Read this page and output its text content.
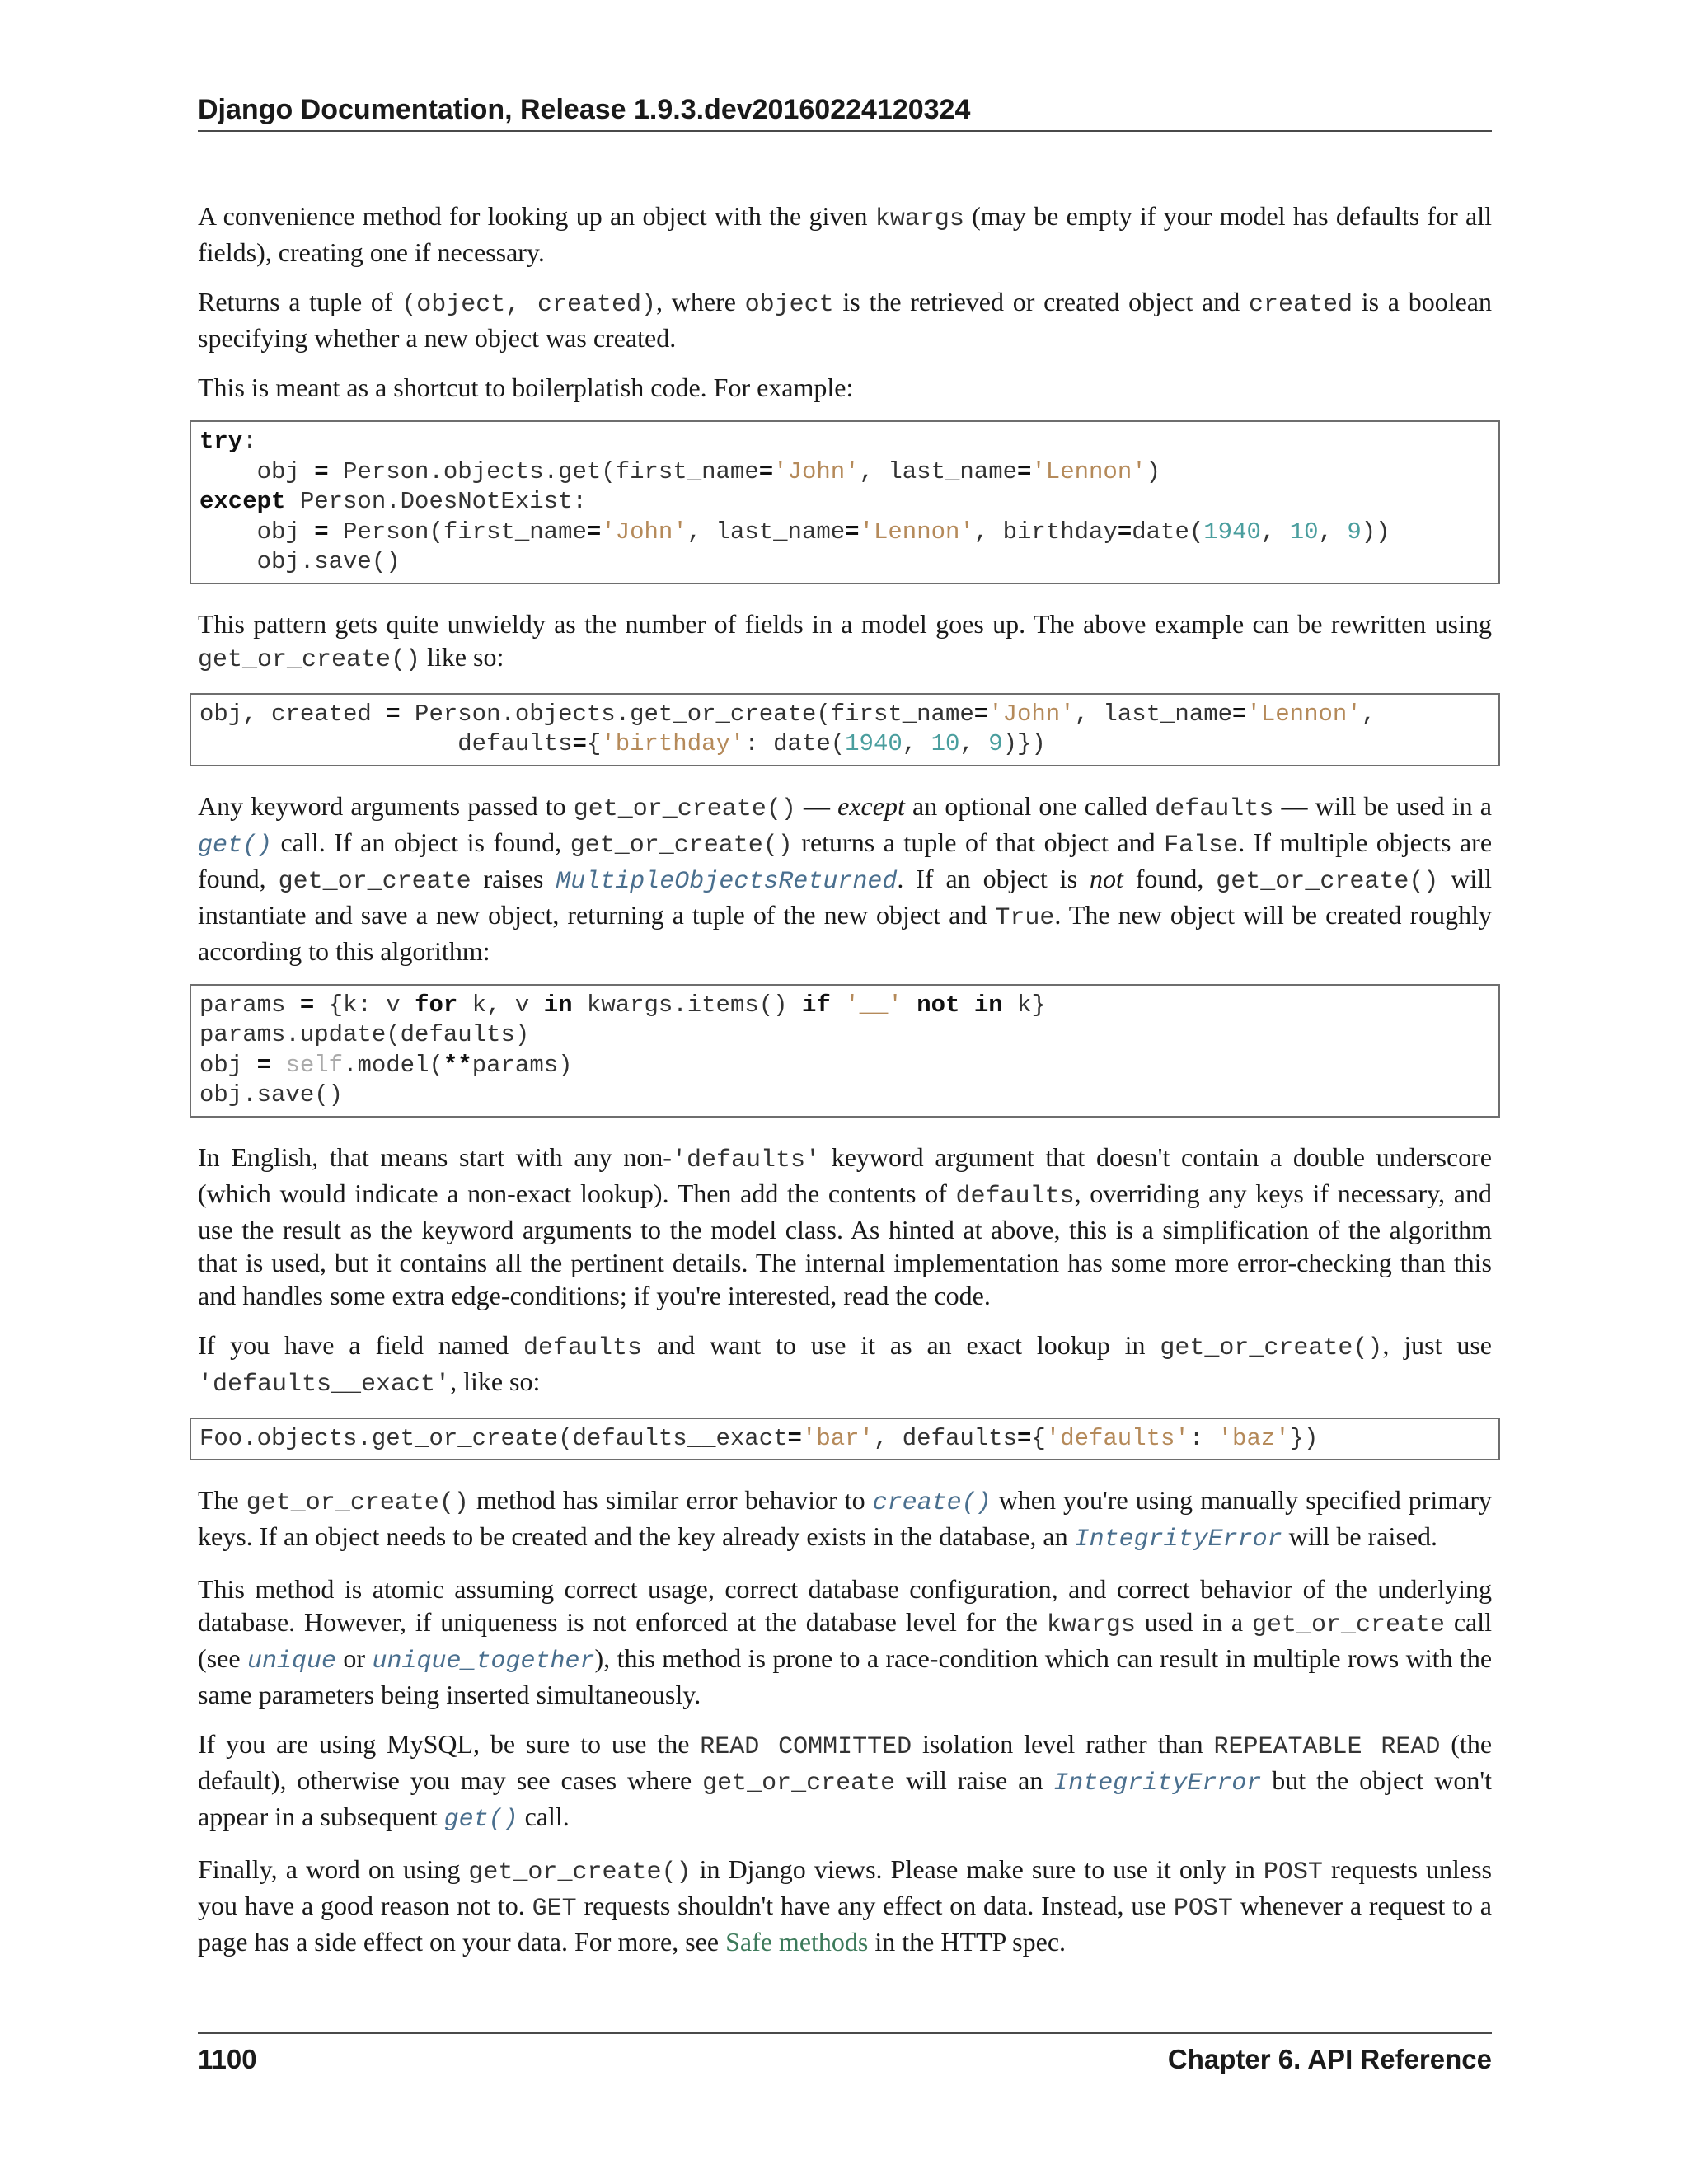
Django Documentation, Release 1.9.3.dev20160224120324

A convenience method for looking up an object with the given kwargs (may be empty if your model has defaults for all fields), creating one if necessary.

Returns a tuple of (object, created), where object is the retrieved or created object and created is a boolean specifying whether a new object was created.

This is meant as a shortcut to boilerplatish code. For example:

try:
obj = Person.objects.get(first_name='John', last_name='Lennon')
except Person.DoesNotExist:
obj = Person(first_name='John', last_name='Lennon', birthday=date(1940, 10, 9))
obj.save()

This pattern gets quite unwieldy as the number of fields in a model goes up. The above example can be rewritten using get_or_create() like so:

obj, created = Person.objects.get_or_create(first_name='John', last_name='Lennon',
defaults={'birthday': date(1940, 10, 9)})

Any keyword arguments passed to get_or_create() — except an optional one called defaults — will be used in a get() call. If an object is found, get_or_create() returns a tuple of that object and False. If multiple objects are found, get_or_create raises MultipleObjectsReturned. If an object is not found, get_or_create() will instantiate and save a new object, returning a tuple of the new object and True. The new object will be created roughly according to this algorithm:

params = {k: v for k, v in kwargs.items() if '__' not in k}
params.update(defaults)
obj = self.model(**params)
obj.save()

In English, that means start with any non-'defaults' keyword argument that doesn't contain a double underscore (which would indicate a non-exact lookup). Then add the contents of defaults, overriding any keys if necessary, and use the result as the keyword arguments to the model class. As hinted at above, this is a simplification of the algorithm that is used, but it contains all the pertinent details. The internal implementation has some more error-checking than this and handles some extra edge-conditions; if you're interested, read the code.

If you have a field named defaults and want to use it as an exact lookup in get_or_create(), just use 'defaults__exact', like so:

Foo.objects.get_or_create(defaults__exact='bar', defaults={'defaults': 'baz'})

The get_or_create() method has similar error behavior to create() when you're using manually specified primary keys. If an object needs to be created and the key already exists in the database, an IntegrityError will be raised.

This method is atomic assuming correct usage, correct database configuration, and correct behavior of the underlying database. However, if uniqueness is not enforced at the database level for the kwargs used in a get_or_create call (see unique or unique_together), this method is prone to a race-condition which can result in multiple rows with the same parameters being inserted simultaneously.

If you are using MySQL, be sure to use the READ COMMITTED isolation level rather than REPEATABLE READ (the default), otherwise you may see cases where get_or_create will raise an IntegrityError but the object won't appear in a subsequent get() call.

Finally, a word on using get_or_create() in Django views. Please make sure to use it only in POST requests unless you have a good reason not to. GET requests shouldn't have any effect on data. Instead, use POST whenever a request to a page has a side effect on your data. For more, see Safe methods in the HTTP spec.

1100	Chapter 6. API Reference
